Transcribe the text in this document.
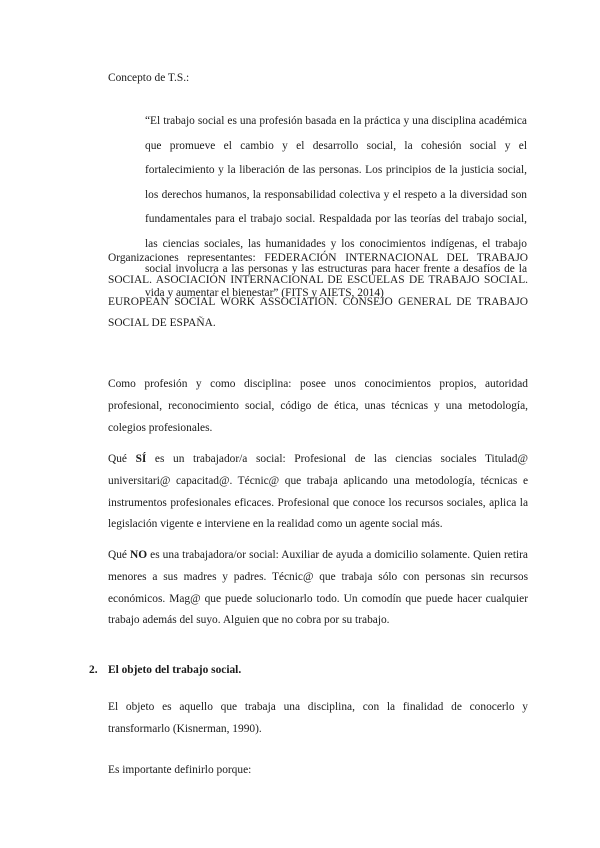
Concepto de T.S.:

“El trabajo social es una profesión basada en la práctica y una disciplina académica que promueve el cambio y el desarrollo social, la cohesión social y el fortalecimiento y la liberación de las personas. Los principios de la justicia social, los derechos humanos, la responsabilidad colectiva y el respeto a la diversidad son fundamentales para el trabajo social. Respaldada por las teorías del trabajo social, las ciencias sociales, las humanidades y los conocimientos indígenas, el trabajo social involucra a las personas y las estructuras para hacer frente a desafíos de la vida y aumentar el bienestar” (FITS y AIETS, 2014)

Organizaciones representantes: FEDERACIÓN INTERNACIONAL DEL TRABAJO SOCIAL. ASOCIACIÓN INTERNACIONAL DE ESCUELAS DE TRABAJO SOCIAL. EUROPEAN SOCIAL WORK ASSOCIATION. CONSEJO GENERAL DE TRABAJO SOCIAL DE ESPAÑA.

Como profesión y como disciplina: posee unos conocimientos propios, autoridad profesional, reconocimiento social, código de ética, unas técnicas y una metodología, colegios profesionales.

Qué SÍ es un trabajador/a social: Profesional de las ciencias sociales Titulad@ universitari@ capacitad@. Técnic@ que trabaja aplicando una metodología, técnicas e instrumentos profesionales eficaces. Profesional que conoce los recursos sociales, aplica la legislación vigente e interviene en la realidad como un agente social más.

Qué NO es una trabajadora/or social: Auxiliar de ayuda a domicilio solamente. Quien retira menores a sus madres y padres. Técnic@ que trabaja sólo con personas sin recursos económicos. Mag@ que puede solucionarlo todo. Un comodín que puede hacer cualquier trabajo además del suyo. Alguien que no cobra por su trabajo.

2. El objeto del trabajo social.

El objeto es aquello que trabaja una disciplina, con la finalidad de conocerlo y transformarlo (Kisnerman, 1990).

Es importante definirlo porque:
